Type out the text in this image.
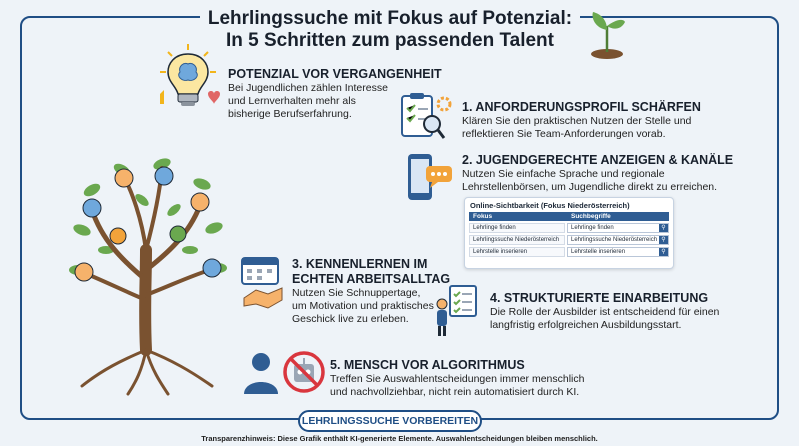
Lehrlingssuche mit Fokus auf Potenzial:
In 5 Schritten zum passenden Talent
POTENZIAL VOR VERGANGENHEIT

Bei Jugendlichen zählen Interesse
und Lernverhalten mehr als
bisherige Berufserfahrung.	1. ANFORDERUNGSPROFIL SCHÄRFEN

Klären Sie den praktischen Nutzen der Stelle und
reflektieren Sie Team-Anforderungen vorab.

2. JUGENDGERECHTE ANZEIGEN & KANÄLE

Nutzen Sie einfache Sprache und regionale
Lehrstellenbörsen, um Jugendliche direkt zu erreichen.

Online-Sichtbarkeit (Fokus Niederösterreich)
Fokus	Suchbegriffe
Lehrlinge finden	Lehrlinge finden	⚲
Lehrlingssuche Niederösterreich	Lehrlingssuche Niederösterreich ⚲
Lehrstelle inserieren	Lehrstelle inserieren	⚲
3. KENNENLERNEN IM
ECHTEN ARBEITSALLTAG

Nutzen Sie Schnuppertage,
um Motivation und praktisches
Geschick live zu erleben.

4. STRUKTURIERTE EINARBEITUNG

Die Rolle der Ausbilder ist entscheidend für einen
langfristig erfolgreichen Ausbildungsstart.

5. MENSCH VOR ALGORITHMUS

Treffen Sie Auswahlentscheidungen immer menschlich
und nachvollziehbar, nicht rein automatisiert durch KI.

LEHRLINGSSUCHE VORBEREITEN
Transparenzhinweis: Diese Grafik enthält KI-generierte Elemente. Auswahlentscheidungen bleiben menschlich.
